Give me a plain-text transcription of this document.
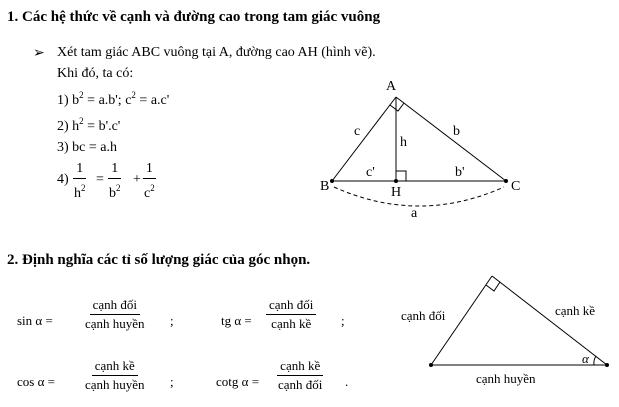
1. Các hệ thức về cạnh và đường cao trong tam giác vuông
➢ Xét tam giác ABC vuông tại A, đường cao AH (hình vẽ).
Khi đó, ta có:
1) $b^2 = a.b'$; $c^2 = a.c'$
2) $h^2 = b'.c'$
3) bc = a.h
$4) \frac{1}{h^2} = \frac{1}{b^2} + \frac{1}{c^2}$
A
B	C
H
c	b
h
c'	b'
a
2. Định nghĩa các tỉ số lượng giác của góc nhọn.
sin α =
cạnh đối
cạnh huyền ;	tg α =
cạnh đối
cạnh kề ;
cos α =
cạnh kề
cạnh huyền ;	cotg α =
cạnh kề
cạnh đối .
cạnh đối	cạnh kề
cạnh huyền
α
